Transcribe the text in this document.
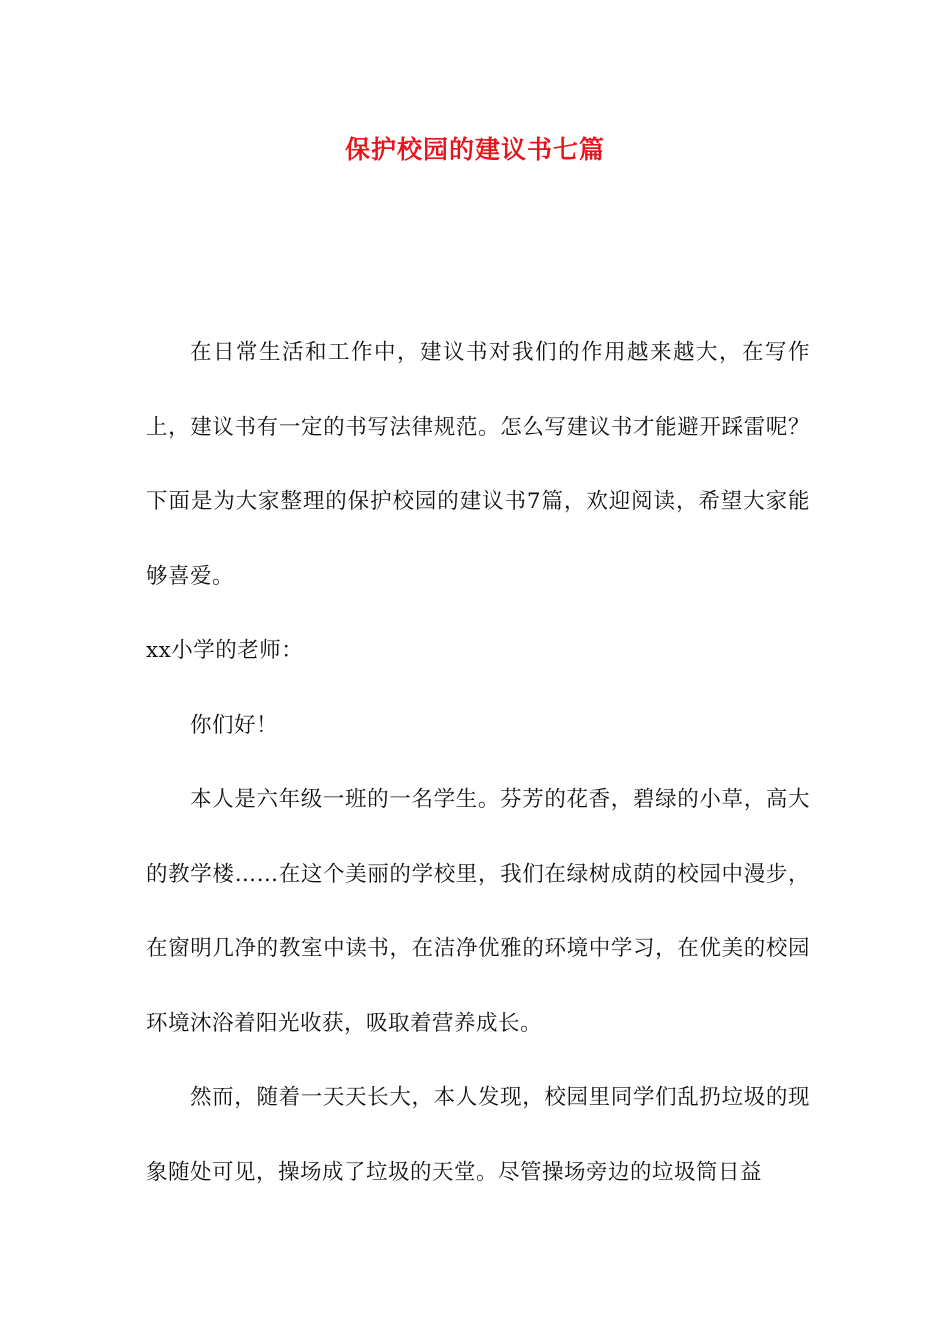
保护校园的建议书七篇

在日常生活和工作中，建议书对我们的作用越来越大，在写作上，建议书有一定的书写法律规范。怎么写建议书才能避开踩雷呢？下面是为大家整理的保护校园的建议书7篇，欢迎阅读，希望大家能够喜爱。

xx小学的老师：

你们好！

本人是六年级一班的一名学生。芬芳的花香，碧绿的小草，高大的教学楼……在这个美丽的学校里，我们在绿树成荫的校园中漫步，在窗明几净的教室中读书，在洁净优雅的环境中学习，在优美的校园环境沐浴着阳光收获，吸取着营养成长。

然而，随着一天天长大，本人发现，校园里同学们乱扔垃圾的现象随处可见，操场成了垃圾的天堂。尽管操场旁边的垃圾筒日益
